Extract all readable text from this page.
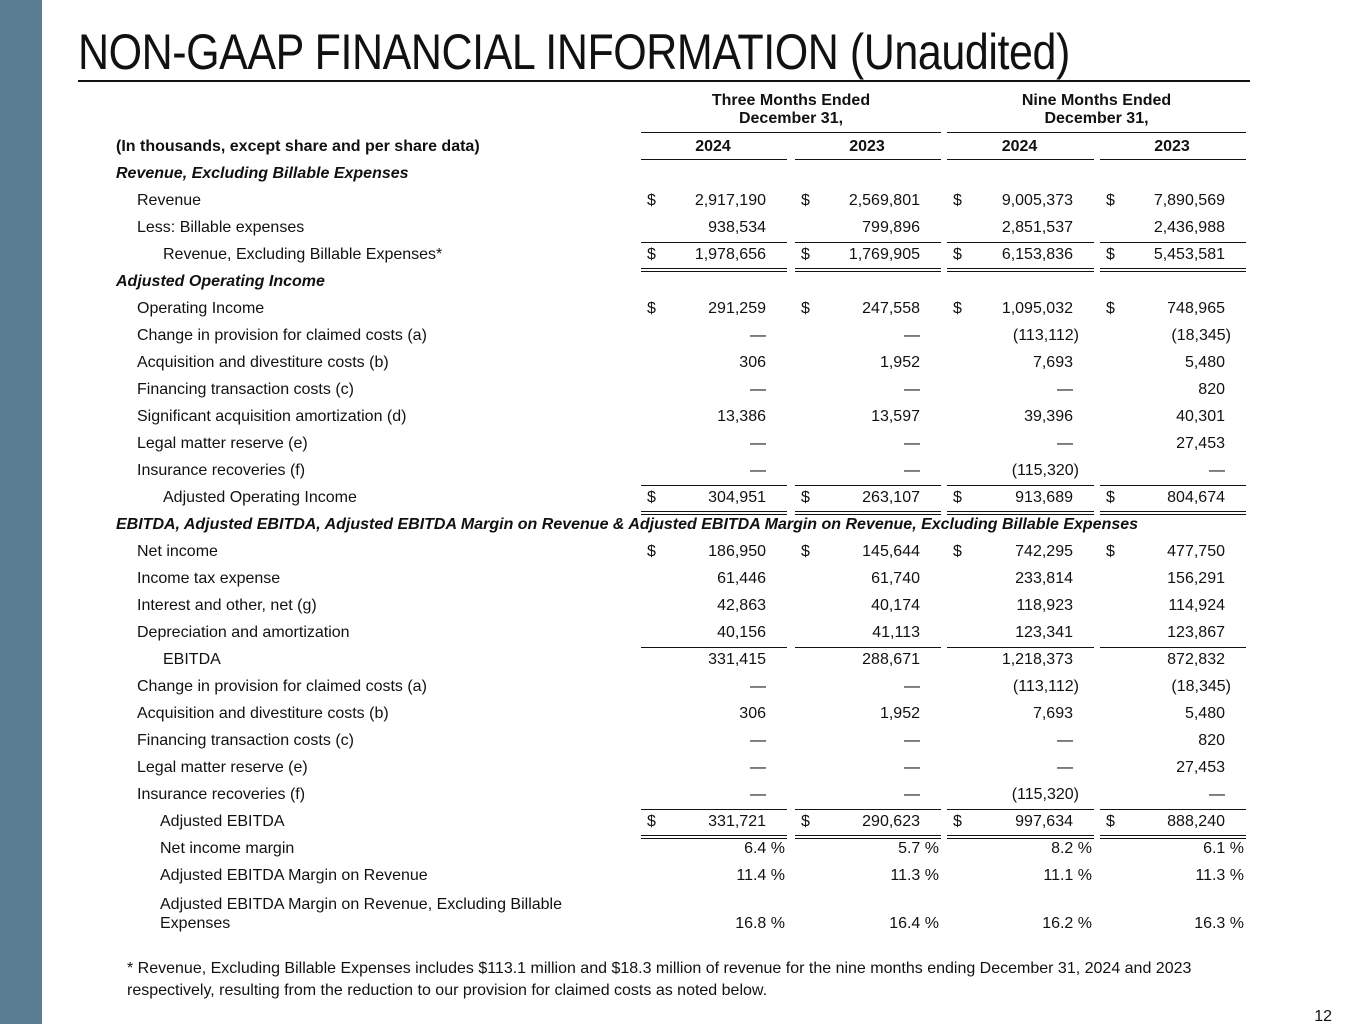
NON-GAAP FINANCIAL INFORMATION (Unaudited)
Three Months Ended
December 31,
Nine Months Ended
December 31,
(In thousands, except share and per share data)	2024	2023	2024	2023
Revenue, Excluding Billable Expenses
Revenue	$	2,917,190 $	2,569,801 $	9,005,373 $	7,890,569
Less: Billable expenses	938,534	799,896	2,851,537	2,436,988
Revenue, Excluding Billable Expenses*	$	1,978,656 $	1,769,905 $	6,153,836 $	5,453,581
Adjusted Operating Income
Operating Income	$	291,259 $	247,558 $	1,095,032 $	748,965
Change in provision for claimed costs (a)	—	—	(113,112)	(18,345)
Acquisition and divestiture costs (b)	306	1,952	7,693	5,480
Financing transaction costs (c)	—	—	—	820
Significant acquisition amortization (d)	13,386	13,597	39,396	40,301
Legal matter reserve (e)	—	—	—	27,453
Insurance recoveries (f)	—	—	(115,320)	—
Adjusted Operating Income	$	304,951 $	263,107 $	913,689 $	804,674
EBITDA, Adjusted EBITDA, Adjusted EBITDA Margin on Revenue & Adjusted EBITDA Margin on Revenue, Excluding Billable Expenses
Net income	$	186,950 $	145,644 $	742,295 $	477,750
Income tax expense	61,446	61,740	233,814	156,291
Interest and other, net (g)	42,863	40,174	118,923	114,924
Depreciation and amortization	40,156	41,113	123,341	123,867
EBITDA	331,415	288,671	1,218,373	872,832
Change in provision for claimed costs (a)	—	—	(113,112)	(18,345)
Acquisition and divestiture costs (b)	306	1,952	7,693	5,480
Financing transaction costs (c)	—	—	—	820
Legal matter reserve (e)	—	—	—	27,453
Insurance recoveries (f)	—	—	(115,320)	—
Adjusted EBITDA	$	331,721 $	290,623 $	997,634 $	888,240
Net income margin	6.4 %	5.7 %	8.2 %	6.1 %
Adjusted EBITDA Margin on Revenue	11.4 %	11.3 %	11.1 %	11.3 %
Adjusted EBITDA Margin on Revenue, Excluding Billable
Expenses	16.8 %	16.4 %	16.2 %	16.3 %
* Revenue, Excluding Billable Expenses includes $113.1 million and $18.3 million of revenue for the nine months ending December 31, 2024 and 2023 respectively, resulting from the reduction to our provision for claimed costs as noted below.
12
